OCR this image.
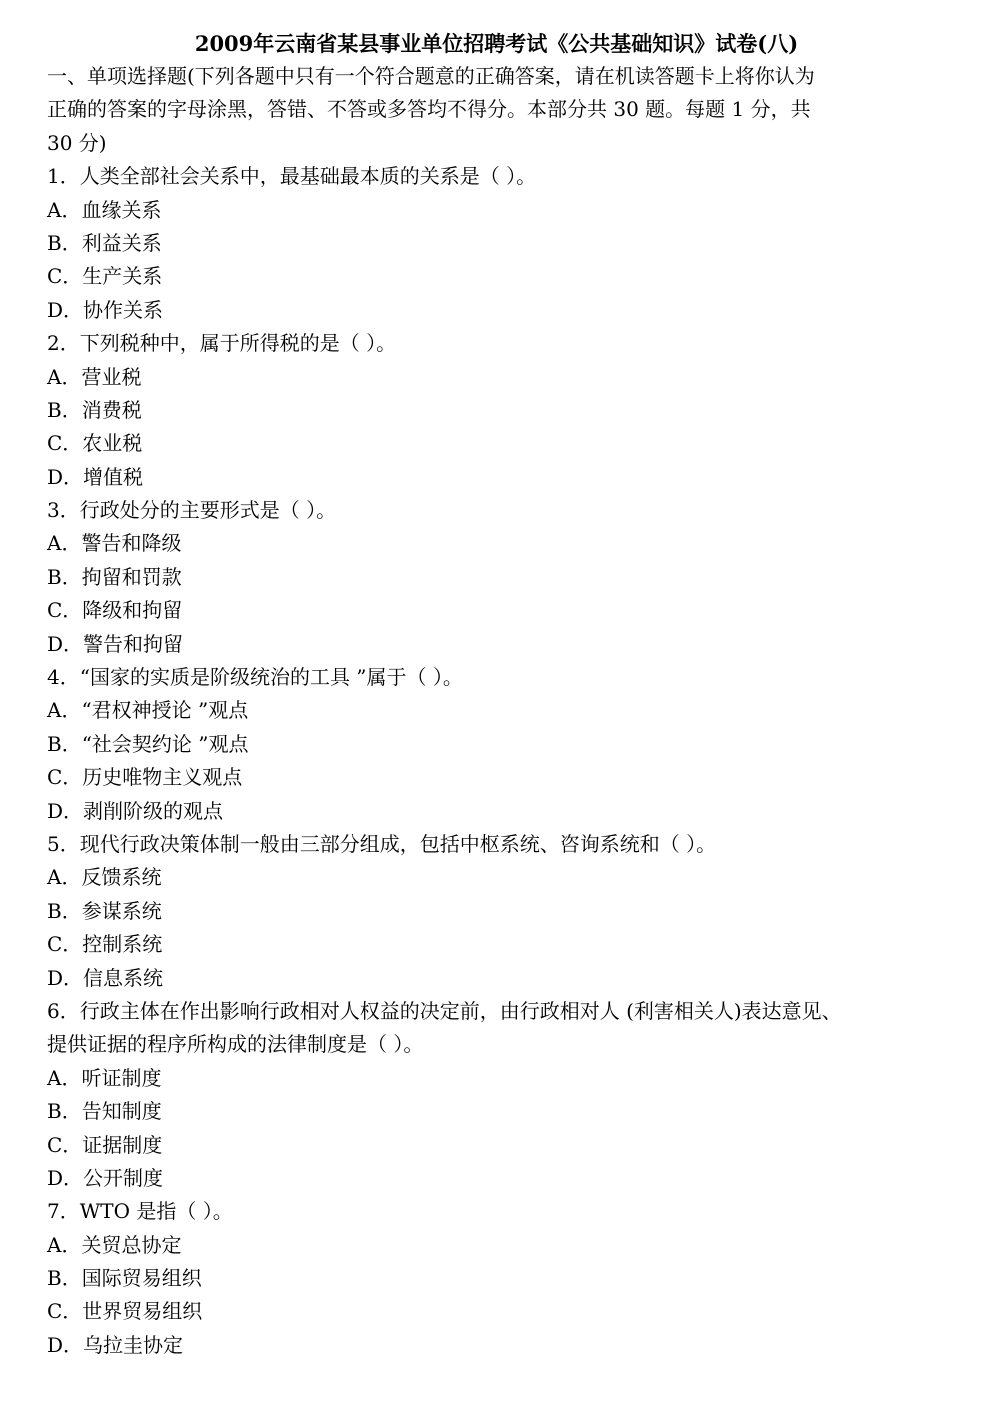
2009年云南省某县事业单位招聘考试《公共基础知识》试卷(八)
一、单项选择题(下列各题中只有一个符合题意的正确答案，请在机读答题卡上将你认为
正确的答案的字母涂黑，答错、不答或多答均不得分。本部分共 30 题。每题 1 分，共
30 分)
1．人类全部社会关系中，最基础最本质的关系是（ ）。
A．血缘关系
B．利益关系
C．生产关系
D．协作关系
2．下列税种中，属于所得税的是（ ）。
A．营业税
B．消费税
C．农业税
D．增值税
3．行政处分的主要形式是（ ）。
A．警告和降级
B．拘留和罚款
C．降级和拘留
D．警告和拘留
4．“国家的实质是阶级统治的工具 ”属于（ ）。
A．“君权神授论 ”观点
B．“社会契约论 ”观点
C．历史唯物主义观点
D．剥削阶级的观点
5．现代行政决策体制一般由三部分组成，包括中枢系统、咨询系统和（ ）。
A．反馈系统
B．参谋系统
C．控制系统
D．信息系统
6．行政主体在作出影响行政相对人权益的决定前，由行政相对人 (利害相关人)表达意见、
提供证据的程序所构成的法律制度是（ ）。
A．听证制度
B．告知制度
C．证据制度
D．公开制度
7．WTO 是指（ ）。
A．关贸总协定
B．国际贸易组织
C．世界贸易组织
D．乌拉圭协定
